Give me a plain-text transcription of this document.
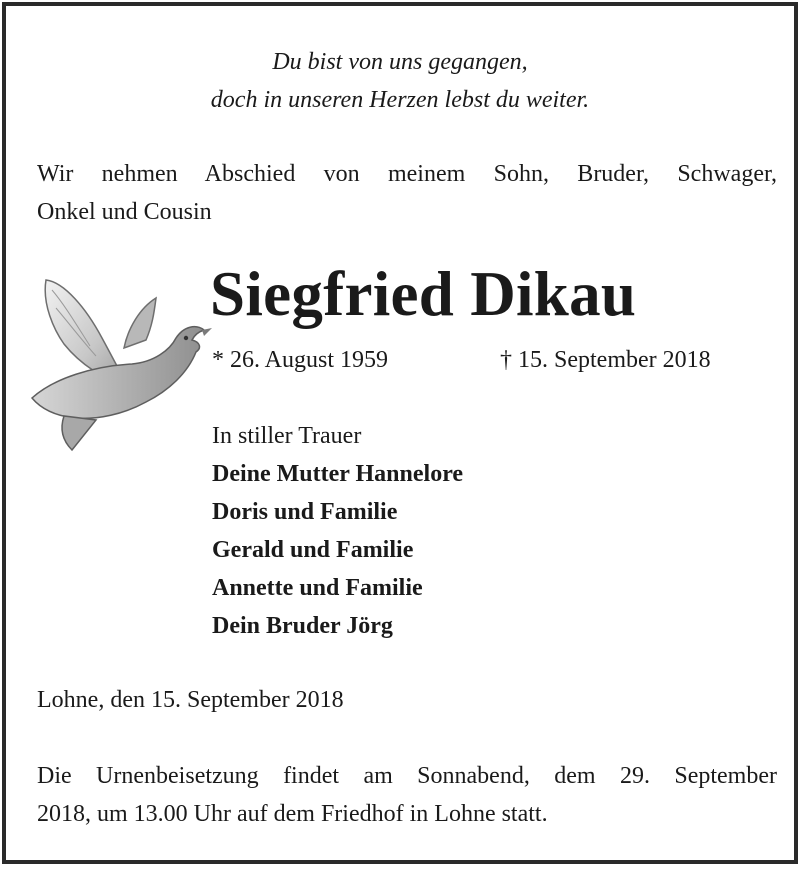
Du bist von uns gegangen,
doch in unseren Herzen lebst du weiter.
Wir nehmen Abschied von meinem Sohn, Bruder, Schwager,
Onkel und Cousin
Siegfried Dikau
* 26. August 1959	† 15. September 2018
In stiller Trauer
Deine Mutter Hannelore
Doris und Familie
Gerald und Familie
Annette und Familie
Dein Bruder Jörg
Lohne, den 15. September 2018
Die Urnenbeisetzung findet am Sonnabend, dem 29. September
2018, um 13.00 Uhr auf dem Friedhof in Lohne statt.
